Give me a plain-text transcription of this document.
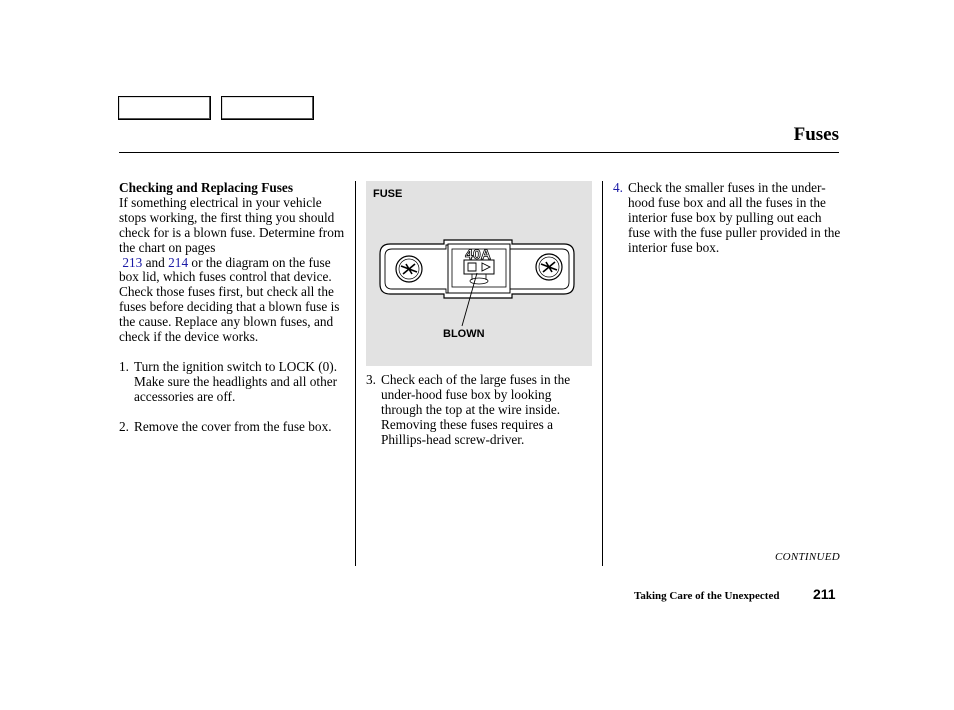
Fuses

Checking and Replacing Fuses

If something electrical in your vehicle stops working, the first thing you should check for is a blown fuse. Determine from the chart on pages
213 and 214 or the diagram on the fuse box lid, which fuses control that device. Check those fuses first, but check all the fuses before deciding that a blown fuse is the cause. Replace any blown fuses, and check if the device works.

1. Turn the ignition switch to LOCK (0). Make sure the headlights and all other accessories are off.

2. Remove the cover from the fuse box.

40A
FUSE
BLOWN

3. Check each of the large fuses in the under-hood fuse box by looking through the top at the wire inside. Removing these fuses requires a Phillips-head screw-driver.

4. Check the smaller fuses in the under-hood fuse box and all the fuses in the interior fuse box by pulling out each fuse with the fuse puller provided in the interior fuse box.

CONTINUED
Taking Care of the Unexpected 211
